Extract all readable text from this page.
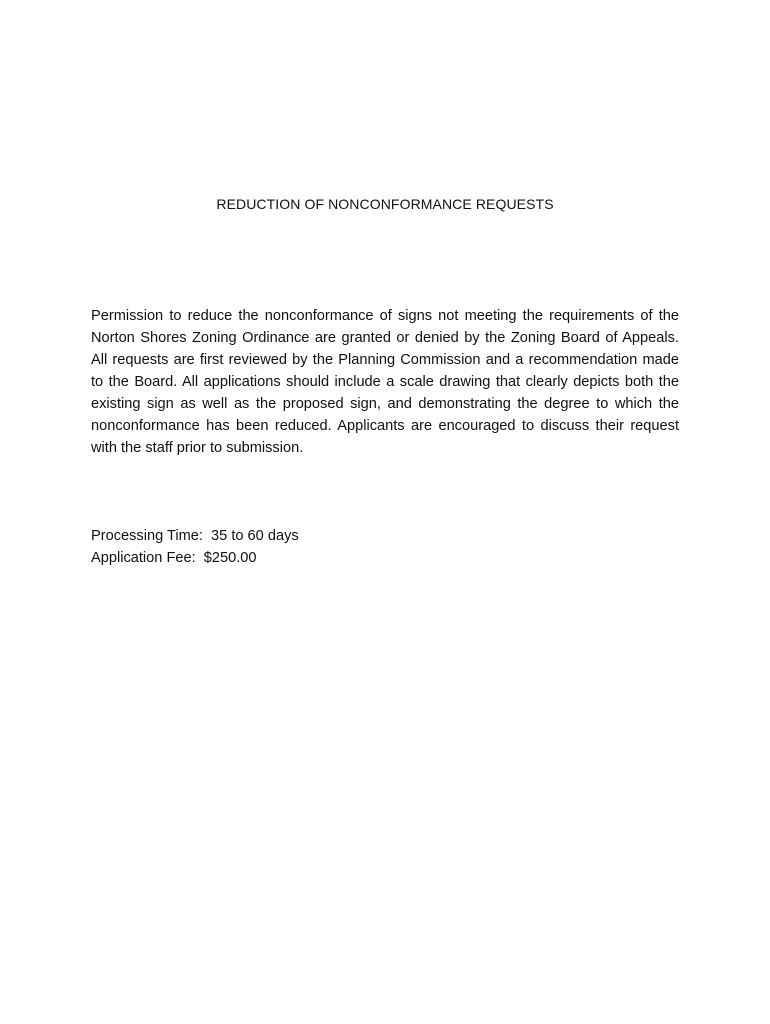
REDUCTION OF NONCONFORMANCE REQUESTS

Permission to reduce the nonconformance of signs not meeting the requirements of the Norton Shores Zoning Ordinance are granted or denied by the Zoning Board of Appeals. All requests are first reviewed by the Planning Commission and a recommendation made to the Board. All applications should include a scale drawing that clearly depicts both the existing sign as well as the proposed sign, and demonstrating the degree to which the nonconformance has been reduced. Applicants are encouraged to discuss their request with the staff prior to submission.

Processing Time:  35 to 60 days
Application Fee:  $250.00
